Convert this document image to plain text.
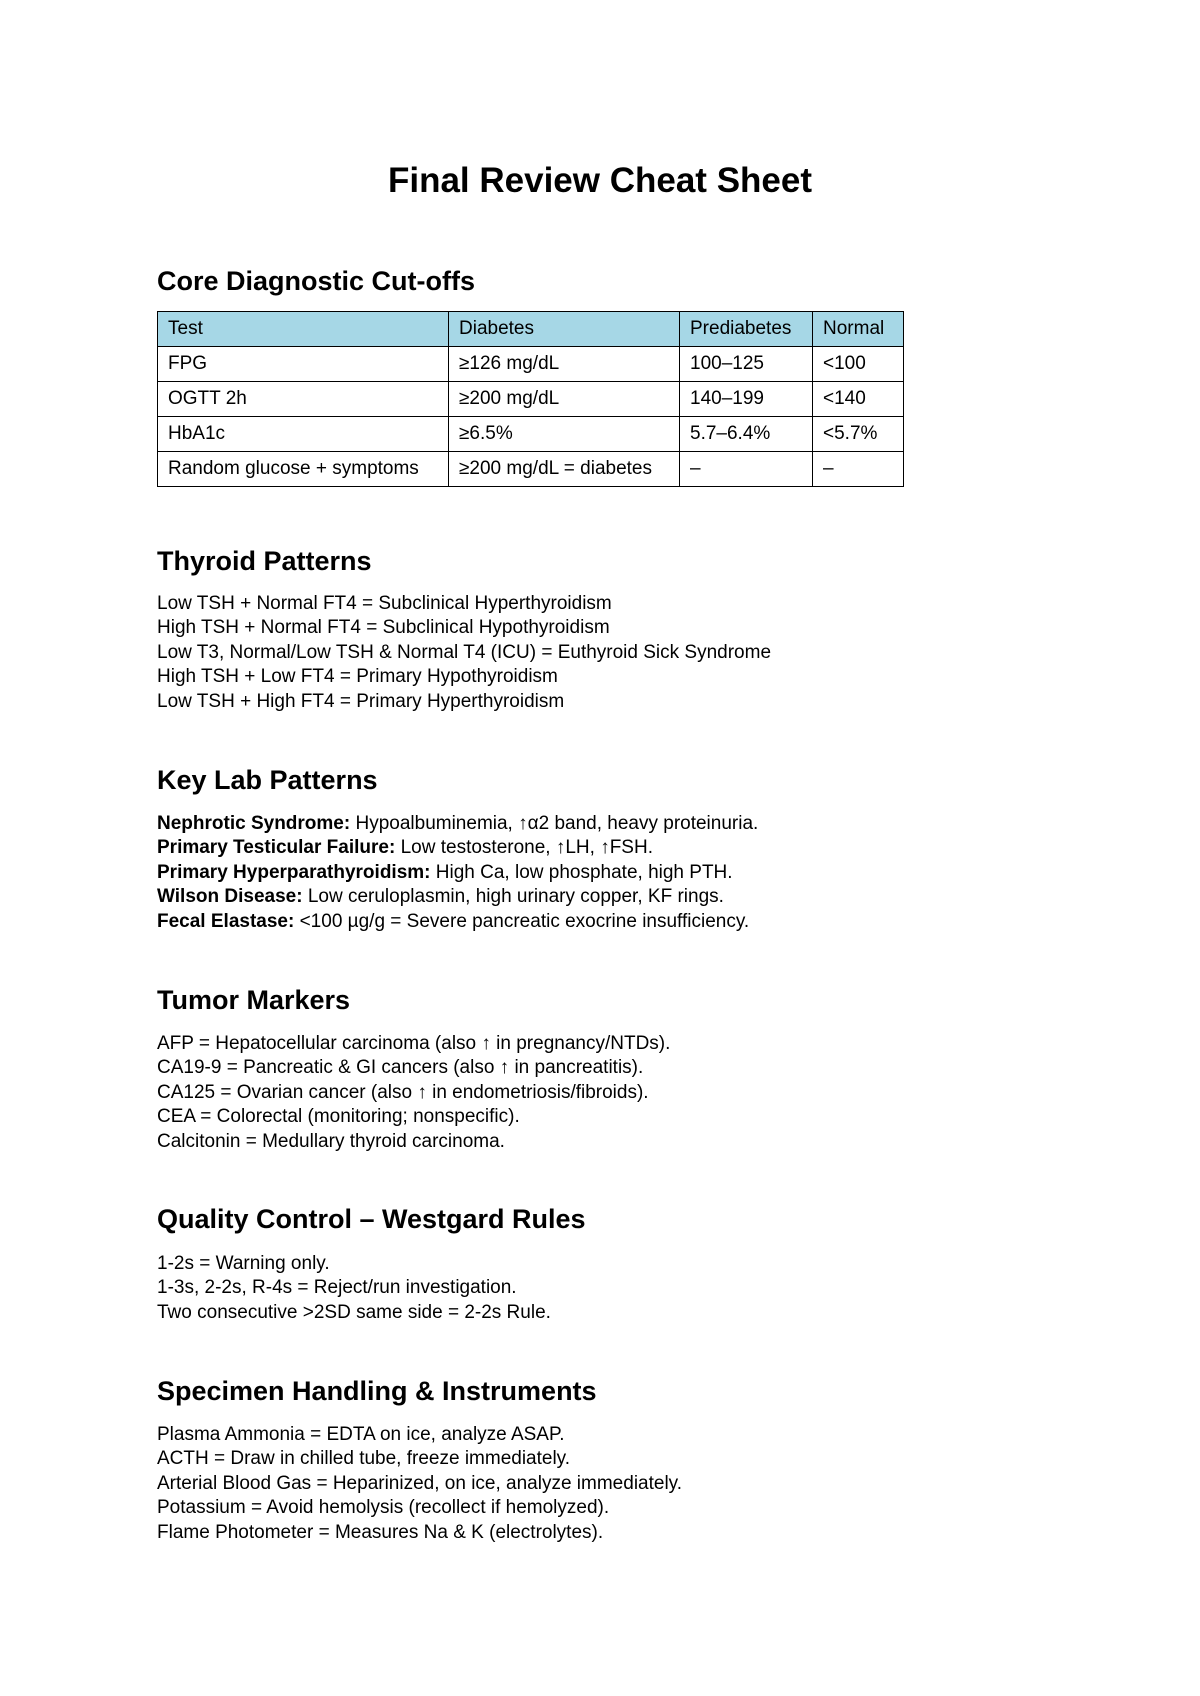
Final Review Cheat Sheet
Core Diagnostic Cut-offs
Test	Diabetes	Prediabetes	Normal
FPG	≥126 mg/dL	100–125	<100
OGTT 2h	≥200 mg/dL	140–199	<140
HbA1c	≥6.5%	5.7–6.4%	<5.7%
Random glucose + symptoms	≥200 mg/dL = diabetes	–	–
Thyroid Patterns
Low TSH + Normal FT4 = Subclinical Hyperthyroidism
High TSH + Normal FT4 = Subclinical Hypothyroidism
Low T3, Normal/Low TSH & Normal T4 (ICU) = Euthyroid Sick Syndrome
High TSH + Low FT4 = Primary Hypothyroidism
Low TSH + High FT4 = Primary Hyperthyroidism
Key Lab Patterns
Nephrotic Syndrome: Hypoalbuminemia, ↑α2 band, heavy proteinuria.
Primary Testicular Failure: Low testosterone, ↑LH, ↑FSH.
Primary Hyperparathyroidism: High Ca, low phosphate, high PTH.
Wilson Disease: Low ceruloplasmin, high urinary copper, KF rings.
Fecal Elastase: <100 µg/g = Severe pancreatic exocrine insufficiency.
Tumor Markers
AFP = Hepatocellular carcinoma (also ↑ in pregnancy/NTDs).
CA19-9 = Pancreatic & GI cancers (also ↑ in pancreatitis).
CA125 = Ovarian cancer (also ↑ in endometriosis/fibroids).
CEA = Colorectal (monitoring; nonspecific).
Calcitonin = Medullary thyroid carcinoma.
Quality Control – Westgard Rules
1-2s = Warning only.
1-3s, 2-2s, R-4s = Reject/run investigation.
Two consecutive >2SD same side = 2-2s Rule.
Specimen Handling & Instruments
Plasma Ammonia = EDTA on ice, analyze ASAP.
ACTH = Draw in chilled tube, freeze immediately.
Arterial Blood Gas = Heparinized, on ice, analyze immediately.
Potassium = Avoid hemolysis (recollect if hemolyzed).
Flame Photometer = Measures Na & K (electrolytes).
